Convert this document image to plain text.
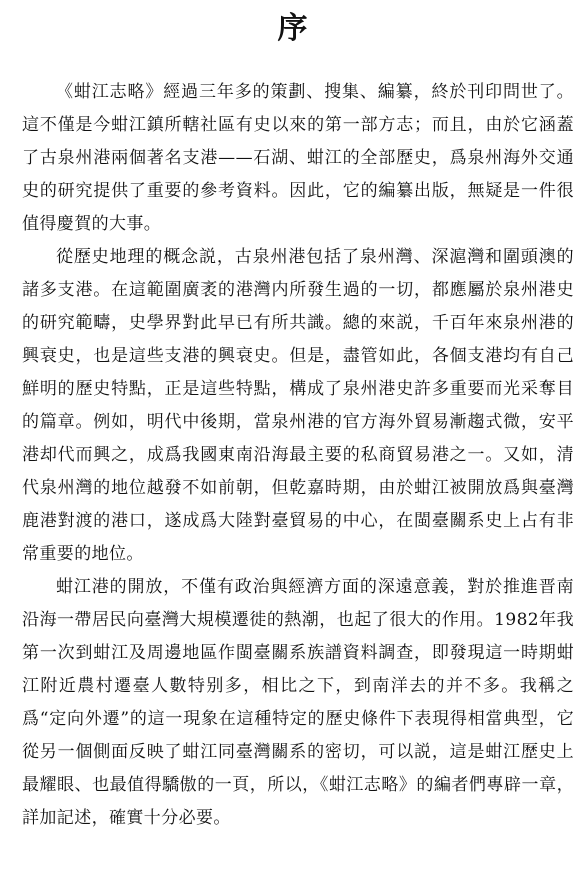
序

《蚶江志略》經過三年多的策劃、搜集、編纂，終於刊印問世了。這不僅是今蚶江鎮所轄社區有史以來的第一部方志；而且，由於它涵蓋了古泉州港兩個著名支港——石湖、蚶江的全部歷史，爲泉州海外交通史的研究提供了重要的參考資料。因此，它的編纂出版，無疑是一件很值得慶賀的大事。

從歷史地理的概念説，古泉州港包括了泉州灣、深滬灣和圍頭澳的諸多支港。在這範圍廣袤的港灣内所發生過的一切，都應屬於泉州港史的研究範疇，史學界對此早已有所共識。總的來説，千百年來泉州港的興衰史，也是這些支港的興衰史。但是，盡管如此，各個支港均有自己鮮明的歷史特點，正是這些特點，構成了泉州港史許多重要而光采奪目的篇章。例如，明代中後期，當泉州港的官方海外貿易漸趨式微，安平港却代而興之，成爲我國東南沿海最主要的私商貿易港之一。又如，清代泉州灣的地位越發不如前朝，但乾嘉時期，由於蚶江被開放爲與臺灣鹿港對渡的港口，遂成爲大陸對臺貿易的中心，在閩臺關系史上占有非常重要的地位。

蚶江港的開放，不僅有政治與經濟方面的深遠意義，對於推進晋南沿海一帶居民向臺灣大規模遷徙的熱潮，也起了很大的作用。1982年我第一次到蚶江及周邊地區作閩臺關系族譜資料調查，即發現這一時期蚶江附近農村遷臺人數特别多，相比之下，到南洋去的并不多。我稱之爲“定向外遷”的這一現象在這種特定的歷史條件下表現得相當典型，它從另一個側面反映了蚶江同臺灣關系的密切，可以説，這是蚶江歷史上最耀眼、也最值得驕傲的一頁，所以，《蚶江志略》的編者們專辟一章，詳加記述，確實十分必要。
